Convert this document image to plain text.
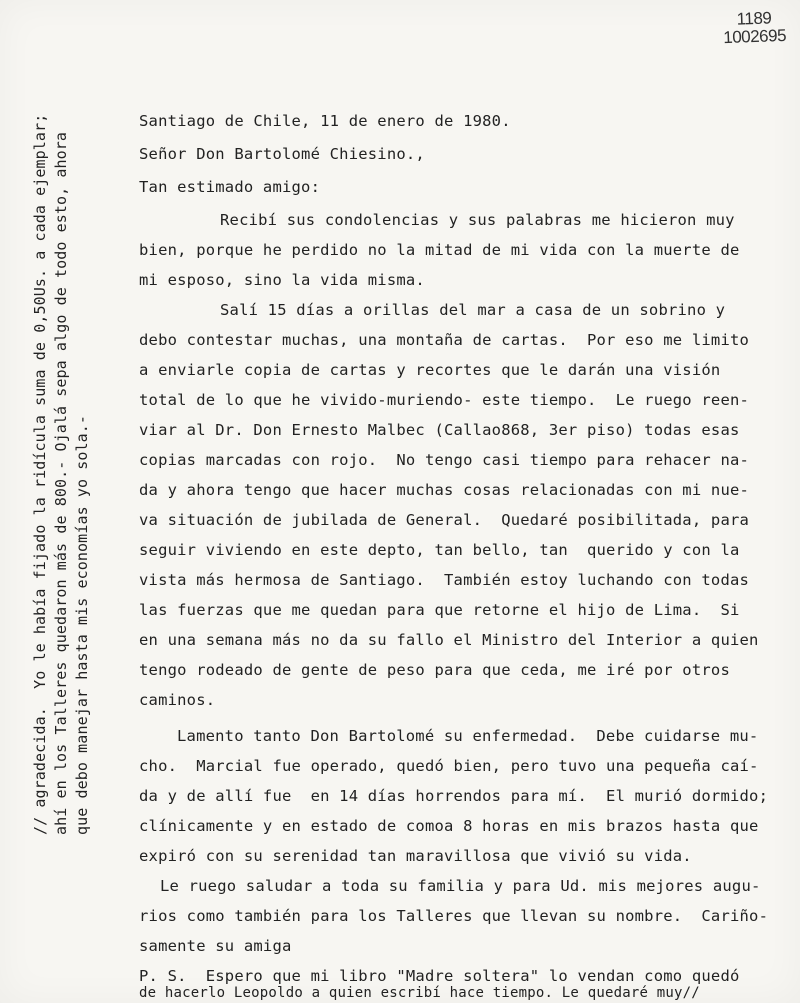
1189
1002695
Santiago de Chile, 11 de enero de 1980.
Señor Don Bartolomé Chiesino.,
Tan estimado amigo:
Recibí sus condolencias y sus palabras me hicieron muy
bien, porque he perdido no la mitad de mi vida con la muerte de
mi esposo, sino la vida misma.
Salí 15 días a orillas del mar a casa de un sobrino y
debo contestar muchas, una montaña de cartas.  Por eso me limito
a enviarle copia de cartas y recortes que le darán una visión
total de lo que he vivido-muriendo- este tiempo.  Le ruego reen-
viar al Dr. Don Ernesto Malbec (Callao868, 3er piso) todas esas
copias marcadas con rojo.  No tengo casi tiempo para rehacer na-
da y ahora tengo que hacer muchas cosas relacionadas con mi nue-
va situación de jubilada de General.  Quedaré posibilitada, para
seguir viviendo en este depto, tan bello, tan  querido y con la
vista más hermosa de Santiago.  También estoy luchando con todas
las fuerzas que me quedan para que retorne el hijo de Lima.  Si
en una semana más no da su fallo el Ministro del Interior a quien
tengo rodeado de gente de peso para que ceda, me iré por otros
caminos.
Lamento tanto Don Bartolomé su enfermedad.  Debe cuidarse mu-
cho.  Marcial fue operado, quedó bien, pero tuvo una pequeña caí-
da y de allí fue  en 14 días horrendos para mí.  El murió dormido;
clínicamente y en estado de comoa 8 horas en mis brazos hasta que
expiró con su serenidad tan maravillosa que vivió su vida.
Le ruego saludar a toda su familia y para Ud. mis mejores augu-
rios como también para los Talleres que llevan su nombre.  Cariño-
samente su amiga
P. S.  Espero que mi libro "Madre soltera" lo vendan como quedó
de hacerlo Leopoldo a quien escribí hace tiempo. Le quedaré muy//
// agradecida.  Yo le había fijado la ridícula suma de 0,50Us. a cada ejemplar; ahí en los Talleres quedaron más de 800.- Ojalá sepa algo de todo esto, ahora que debo manejar hasta mis economías yo sola.-
